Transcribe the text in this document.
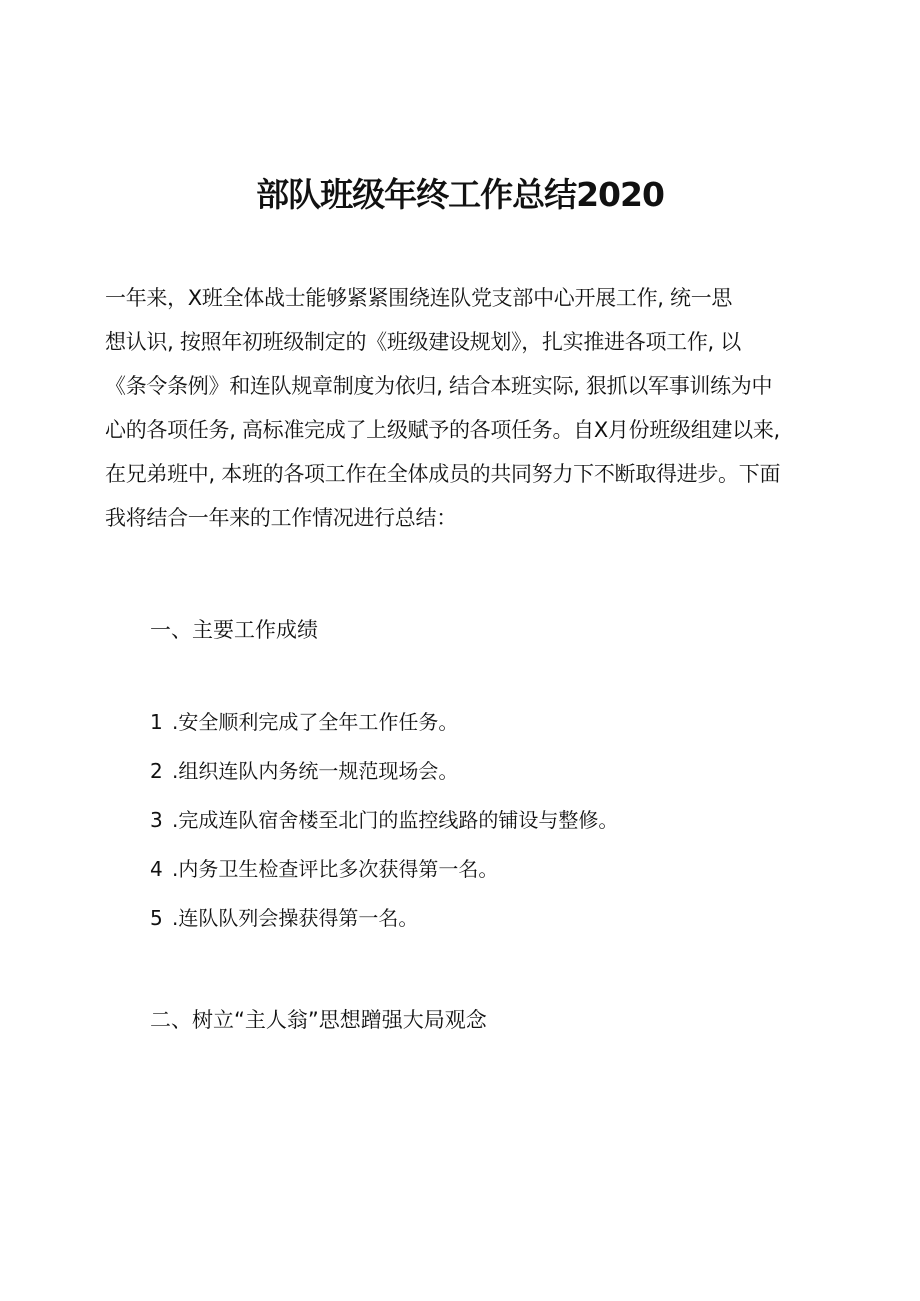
部队班级年终工作总结2020
一年来，X班全体战士能够紧紧围绕连队党支部中心开展工作, 统一思
想认识, 按照年初班级制定的《班级建设规划》，扎实推进各项工作, 以
《条令条例》和连队规章制度为依归, 结合本班实际, 狠抓以军事训练为中
心的各项任务, 高标准完成了上级赋予的各项任务。自X月份班级组建以来,
在兄弟班中, 本班的各项工作在全体成员的共同努力下不断取得进步。下面
我将结合一年来的工作情况进行总结：
一、主要工作成绩
1 .安全顺利完成了全年工作任务。
2 .组织连队内务统一规范现场会。
3 .完成连队宿舍楼至北门的监控线路的铺设与整修。
4 .内务卫生检查评比多次获得第一名。
5 .连队队列会操获得第一名。
二、树立“主人翁”思想蹭强大局观念
